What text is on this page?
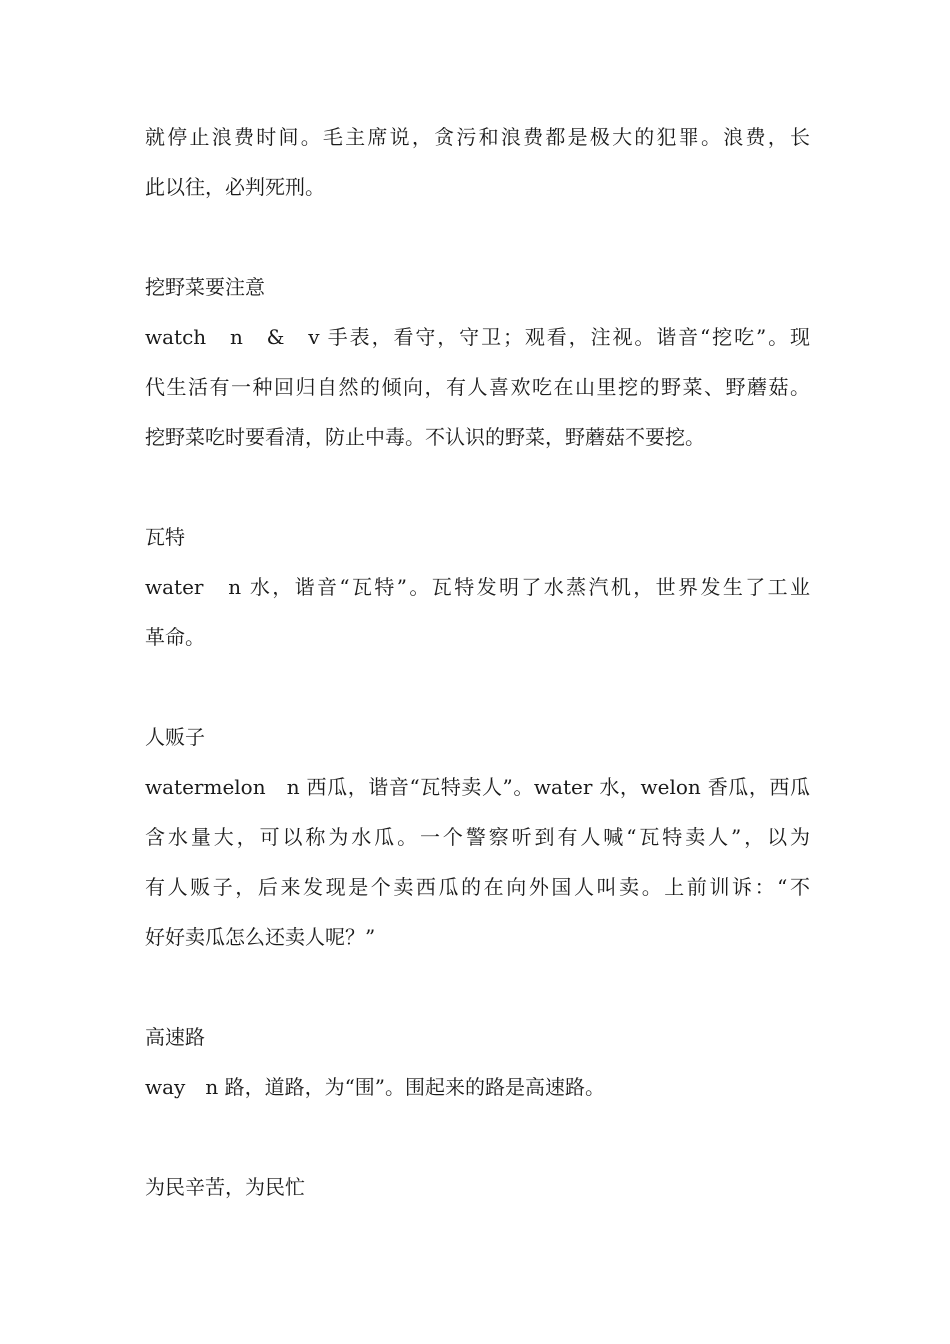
就停止浪费时间。毛主席说，贪污和浪费都是极大的犯罪。浪费，长
此以往，必判死刑。
挖野菜要注意
watch　n　&　v 手表，看守，守卫；观看，注视。谐音“挖吃”。现
代生活有一种回归自然的倾向，有人喜欢吃在山里挖的野菜、野蘑菇。
挖野菜吃时要看清，防止中毒。不认识的野菜，野蘑菇不要挖。
瓦特
water　n 水，谐音“瓦特”。瓦特发明了水蒸汽机，世界发生了工业
革命。
人贩子
watermelon　n 西瓜，谐音“瓦特卖人”。water 水，welon 香瓜，西瓜
含水量大，可以称为水瓜。一个警察听到有人喊“瓦特卖人”，以为
有人贩子，后来发现是个卖西瓜的在向外国人叫卖。上前训诉：“不
好好卖瓜怎么还卖人呢？”
高速路
way　n 路，道路，为“围”。围起来的路是高速路。
为民辛苦，为民忙
